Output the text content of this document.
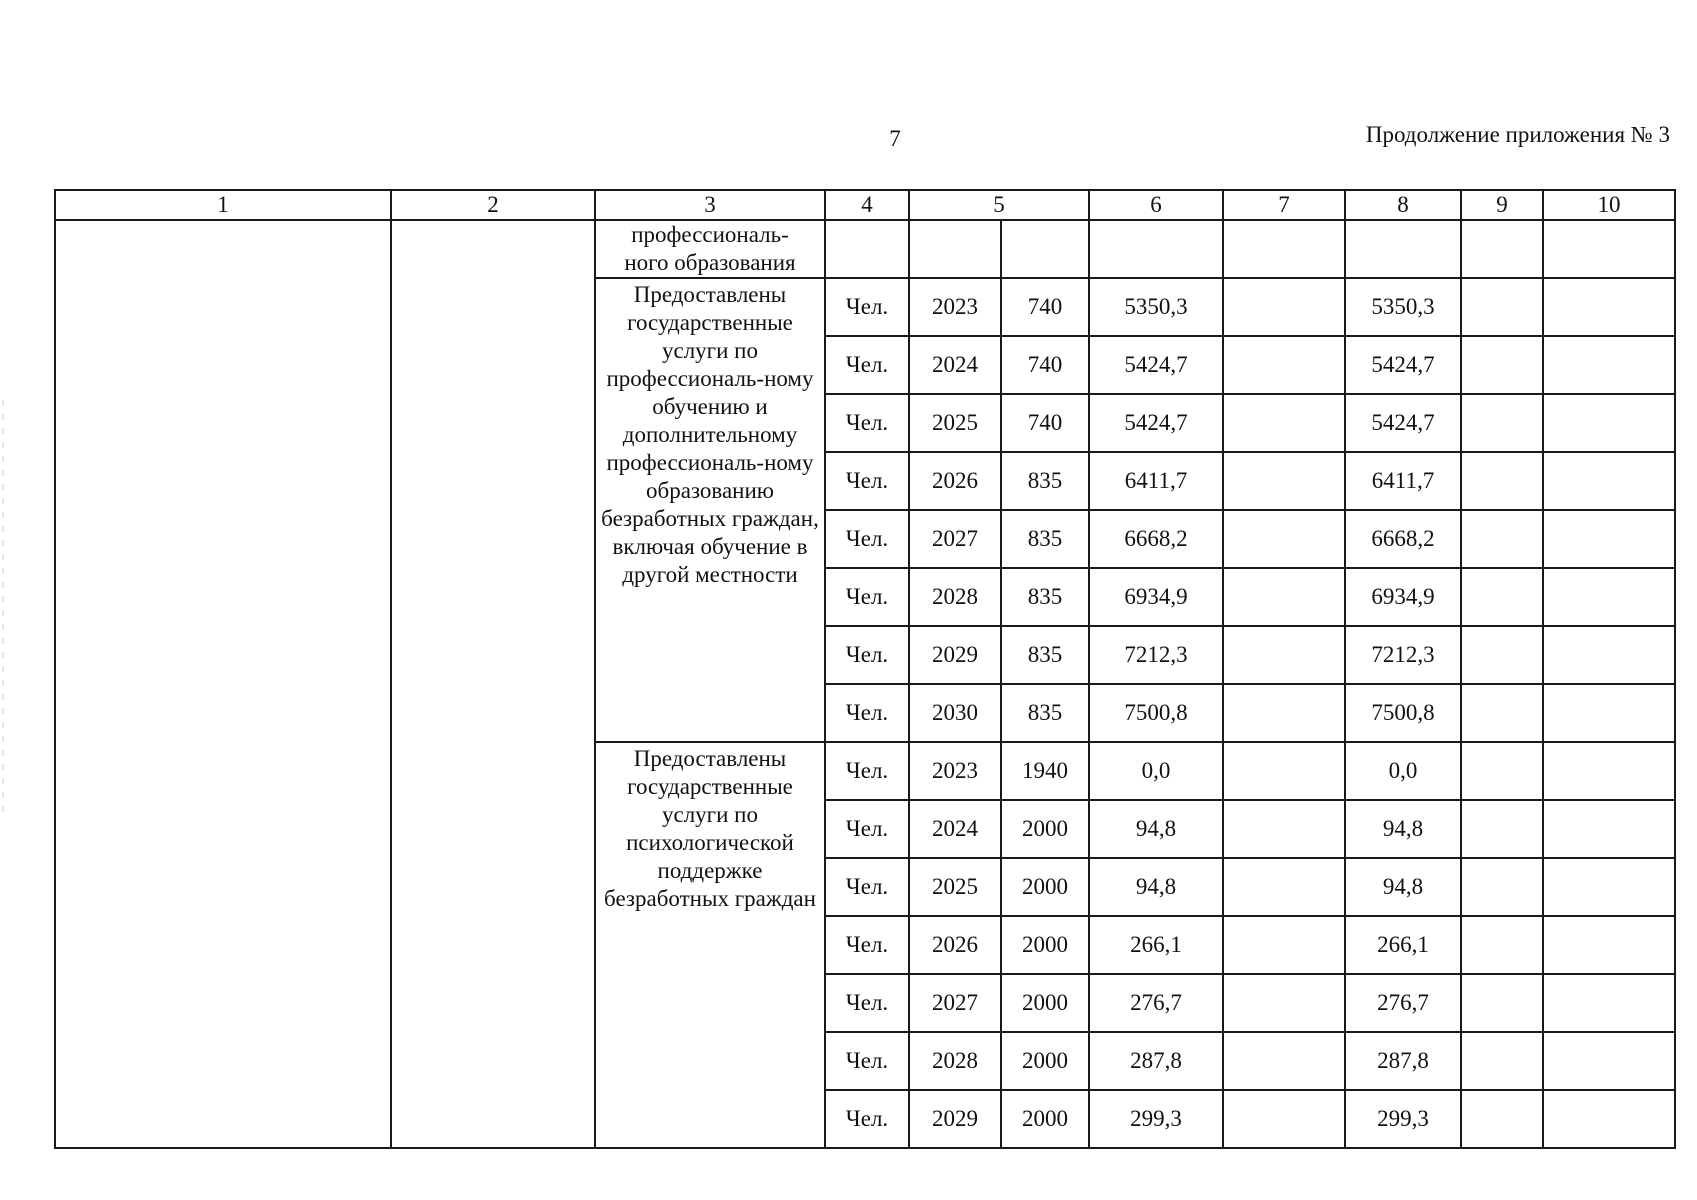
7	Продолжение приложения № 3
1	2	3	4	5		6	7	8	9	10
		профессиональ-
ного образования								
		Предоставлены государственные услуги по профессиональ-ному обучению и дополнительному профессиональ-ному образованию безработных граждан, включая обучение в другой местности	Чел.	2023	740	5350,3		5350,3		
			Чел.	2024	740	5424,7		5424,7		
			Чел.	2025	740	5424,7		5424,7		
			Чел.	2026	835	6411,7		6411,7		
			Чел.	2027	835	6668,2		6668,2		
			Чел.	2028	835	6934,9		6934,9		
			Чел.	2029	835	7212,3		7212,3		
			Чел.	2030	835	7500,8		7500,8		
		Предоставлены государственные услуги по психологической поддержке безработных граждан	Чел.	2023	1940	0,0		0,0		
			Чел.	2024	2000	94,8		94,8		
			Чел.	2025	2000	94,8		94,8		
			Чел.	2026	2000	266,1		266,1		
			Чел.	2027	2000	276,7		276,7		
			Чел.	2028	2000	287,8		287,8		
			Чел.	2029	2000	299,3		299,3		
